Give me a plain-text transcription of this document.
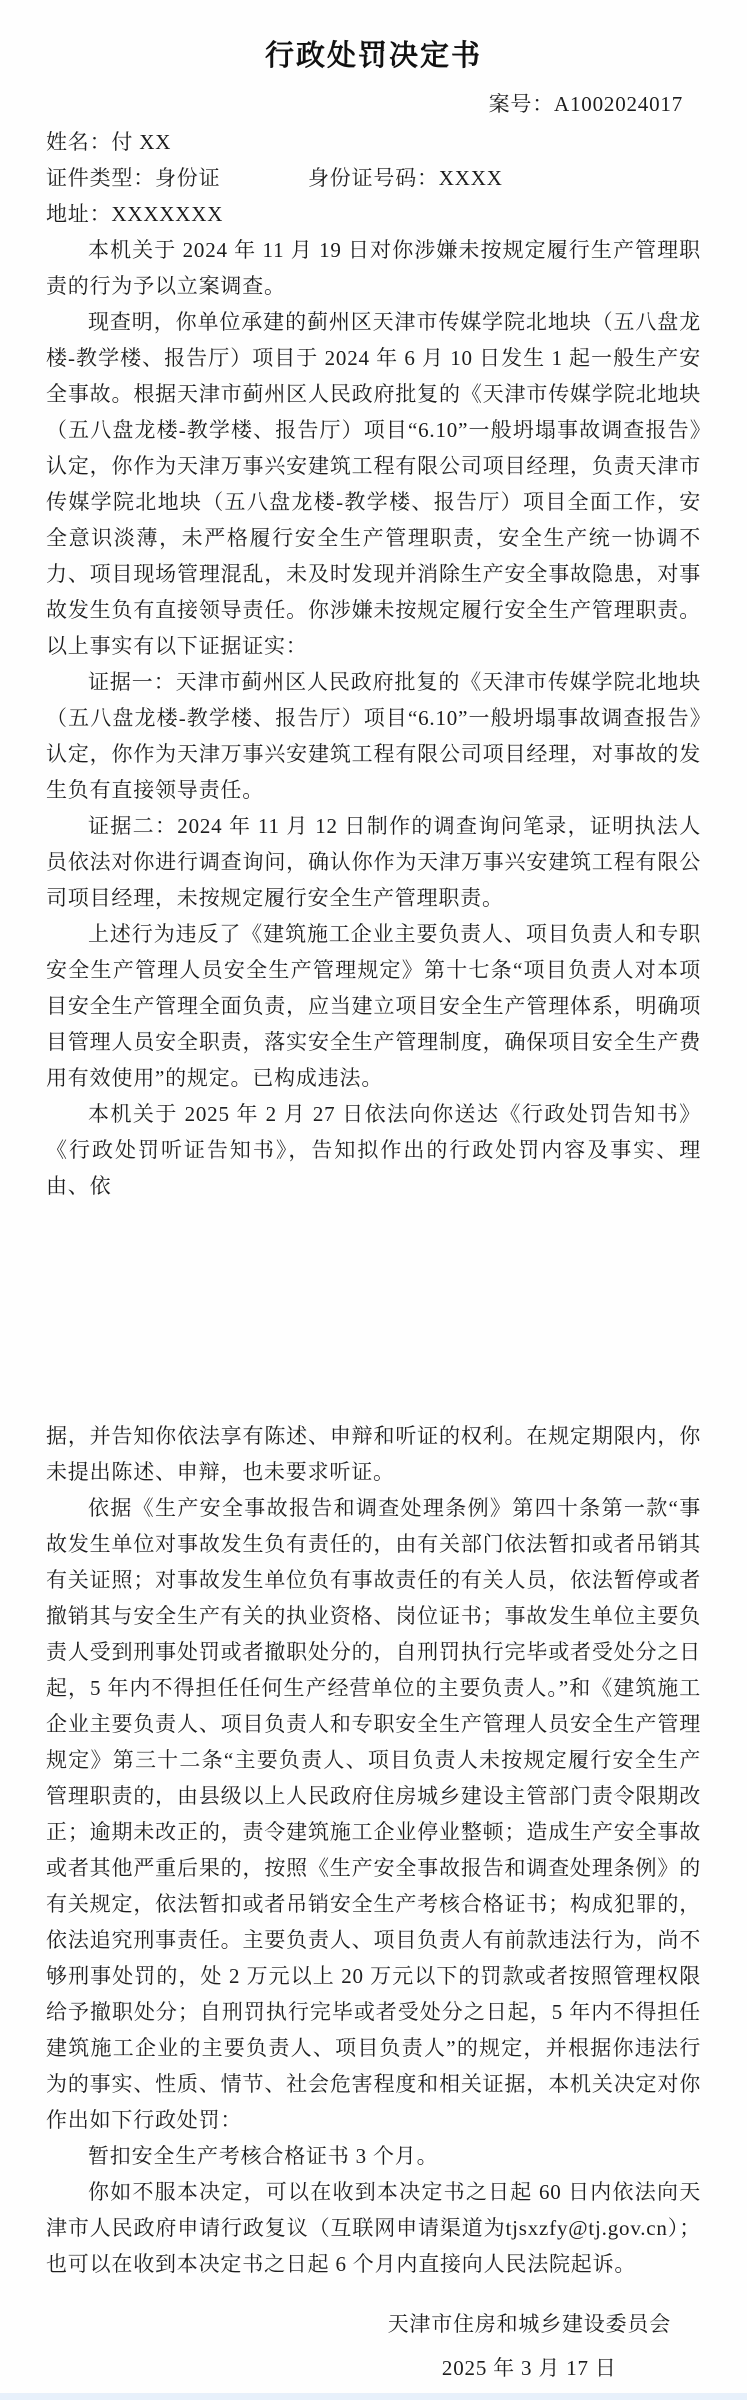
行政处罚决定书
案号：A1002024017
姓名：付 XX
证件类型：身份证	身份证号码：XXXX
地址：XXXXXXX

本机关于 2024 年 11 月 19 日对你涉嫌未按规定履行生产管理职责的行为予以立案调查。

现查明，你单位承建的蓟州区天津市传媒学院北地块（五八盘龙楼-教学楼、报告厅）项目于 2024 年 6 月 10 日发生 1 起一般生产安全事故。根据天津市蓟州区人民政府批复的《天津市传媒学院北地块（五八盘龙楼-教学楼、报告厅）项目“6.10”一般坍塌事故调查报告》认定，你作为天津万事兴安建筑工程有限公司项目经理，负责天津市传媒学院北地块（五八盘龙楼-教学楼、报告厅）项目全面工作，安全意识淡薄，未严格履行安全生产管理职责，安全生产统一协调不力、项目现场管理混乱，未及时发现并消除生产安全事故隐患，对事故发生负有直接领导责任。你涉嫌未按规定履行安全生产管理职责。以上事实有以下证据证实：

证据一：天津市蓟州区人民政府批复的《天津市传媒学院北地块（五八盘龙楼-教学楼、报告厅）项目“6.10”一般坍塌事故调查报告》认定，你作为天津万事兴安建筑工程有限公司项目经理，对事故的发生负有直接领导责任。

证据二：2024 年 11 月 12 日制作的调查询问笔录，证明执法人员依法对你进行调查询问，确认你作为天津万事兴安建筑工程有限公司项目经理，未按规定履行安全生产管理职责。

上述行为违反了《建筑施工企业主要负责人、项目负责人和专职安全生产管理人员安全生产管理规定》第十七条“项目负责人对本项目安全生产管理全面负责，应当建立项目安全生产管理体系，明确项目管理人员安全职责，落实安全生产管理制度，确保项目安全生产费用有效使用”的规定。已构成违法。

本机关于 2025 年 2 月 27 日依法向你送达《行政处罚告知书》《行政处罚听证告知书》，告知拟作出的行政处罚内容及事实、理由、依

据，并告知你依法享有陈述、申辩和听证的权利。在规定期限内，你未提出陈述、申辩，也未要求听证。

依据《生产安全事故报告和调查处理条例》第四十条第一款“事故发生单位对事故发生负有责任的，由有关部门依法暂扣或者吊销其有关证照；对事故发生单位负有事故责任的有关人员，依法暂停或者撤销其与安全生产有关的执业资格、岗位证书；事故发生单位主要负责人受到刑事处罚或者撤职处分的，自刑罚执行完毕或者受处分之日起，5 年内不得担任任何生产经营单位的主要负责人。”和《建筑施工企业主要负责人、项目负责人和专职安全生产管理人员安全生产管理规定》第三十二条“主要负责人、项目负责人未按规定履行安全生产管理职责的，由县级以上人民政府住房城乡建设主管部门责令限期改正；逾期未改正的，责令建筑施工企业停业整顿；造成生产安全事故或者其他严重后果的，按照《生产安全事故报告和调查处理条例》的有关规定，依法暂扣或者吊销安全生产考核合格证书；构成犯罪的，依法追究刑事责任。主要负责人、项目负责人有前款违法行为，尚不够刑事处罚的，处 2 万元以上 20 万元以下的罚款或者按照管理权限给予撤职处分；自刑罚执行完毕或者受处分之日起，5 年内不得担任建筑施工企业的主要负责人、项目负责人”的规定，并根据你违法行为的事实、性质、情节、社会危害程度和相关证据，本机关决定对你作出如下行政处罚：

暂扣安全生产考核合格证书 3 个月。

你如不服本决定，可以在收到本决定书之日起 60 日内依法向天津市人民政府申请行政复议（互联网申请渠道为tjsxzfy@tj.gov.cn）；也可以在收到本决定书之日起 6 个月内直接向人民法院起诉。

天津市住房和城乡建设委员会
2025 年 3 月 17 日
